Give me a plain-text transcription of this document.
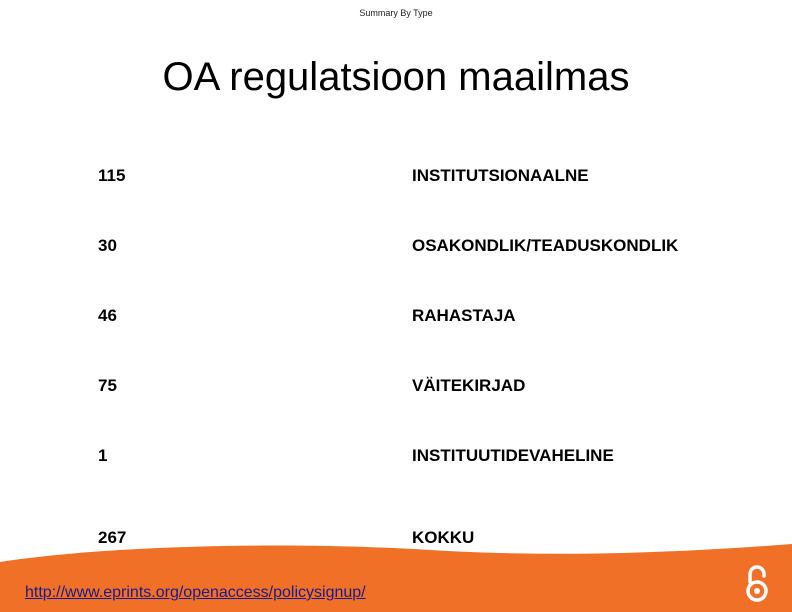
Summary By Type
OA regulatsioon maailmas
115	INSTITUTSIONAALNE
30	OSAKONDLIK/TEADUSKONDLIK
46	RAHASTAJA
75	VÄITEKIRJAD
1	INSTITUUTIDEVAHELINE
267	KOKKU
http://www.eprints.org/openaccess/policysignup/
